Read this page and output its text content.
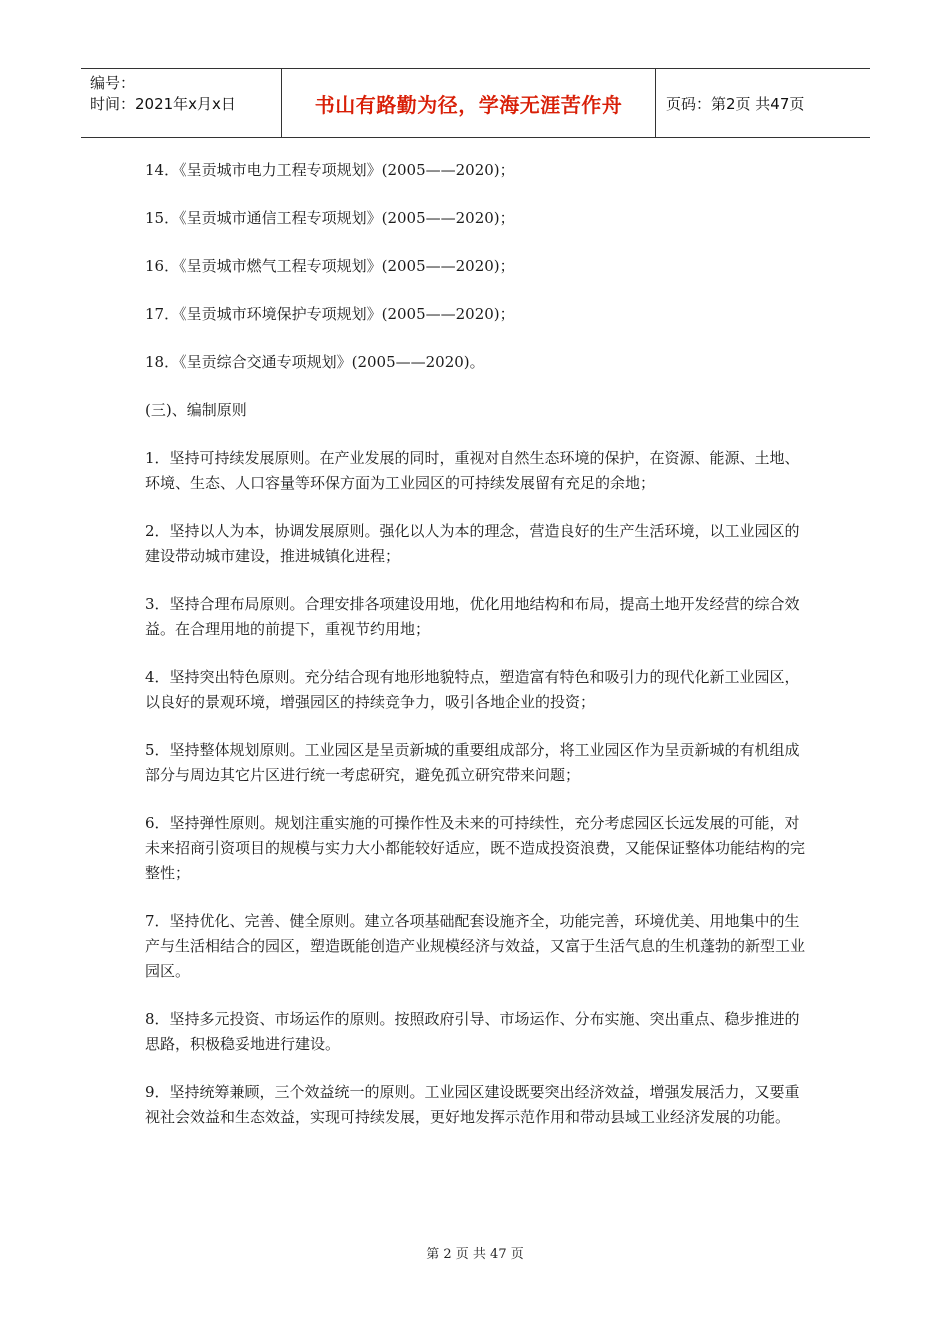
编号：
时间：2021年x月x日	书山有路勤为径，学海无涯苦作舟	页码：第2页 共47页

14．《呈贡城市电力工程专项规划》(2005——2020)；

15．《呈贡城市通信工程专项规划》(2005——2020)；

16．《呈贡城市燃气工程专项规划》(2005——2020)；

17．《呈贡城市环境保护专项规划》(2005——2020)；

18．《呈贡综合交通专项规划》(2005——2020)。

(三)、编制原则

1．坚持可持续发展原则。在产业发展的同时，重视对自然生态环境的保护，在资源、能源、土地、环境、生态、人口容量等环保方面为工业园区的可持续发展留有充足的余地；

2．坚持以人为本，协调发展原则。强化以人为本的理念，营造良好的生产生活环境，以工业园区的建设带动城市建设，推进城镇化进程；

3．坚持合理布局原则。合理安排各项建设用地，优化用地结构和布局，提高土地开发经营的综合效益。在合理用地的前提下，重视节约用地；

4．坚持突出特色原则。充分结合现有地形地貌特点，塑造富有特色和吸引力的现代化新工业园区，以良好的景观环境，增强园区的持续竞争力，吸引各地企业的投资；

5．坚持整体规划原则。工业园区是呈贡新城的重要组成部分，将工业园区作为呈贡新城的有机组成部分与周边其它片区进行统一考虑研究，避免孤立研究带来问题；

6．坚持弹性原则。规划注重实施的可操作性及未来的可持续性，充分考虑园区长远发展的可能，对未来招商引资项目的规模与实力大小都能较好适应，既不造成投资浪费，又能保证整体功能结构的完整性；

7．坚持优化、完善、健全原则。建立各项基础配套设施齐全，功能完善，环境优美、用地集中的生产与生活相结合的园区，塑造既能创造产业规模经济与效益，又富于生活气息的生机蓬勃的新型工业园区。

8．坚持多元投资、市场运作的原则。按照政府引导、市场运作、分布实施、突出重点、稳步推进的思路，积极稳妥地进行建设。

9．坚持统筹兼顾，三个效益统一的原则。工业园区建设既要突出经济效益，增强发展活力，又要重视社会效益和生态效益，实现可持续发展，更好地发挥示范作用和带动县域工业经济发展的功能。

第 2 页 共 47 页
